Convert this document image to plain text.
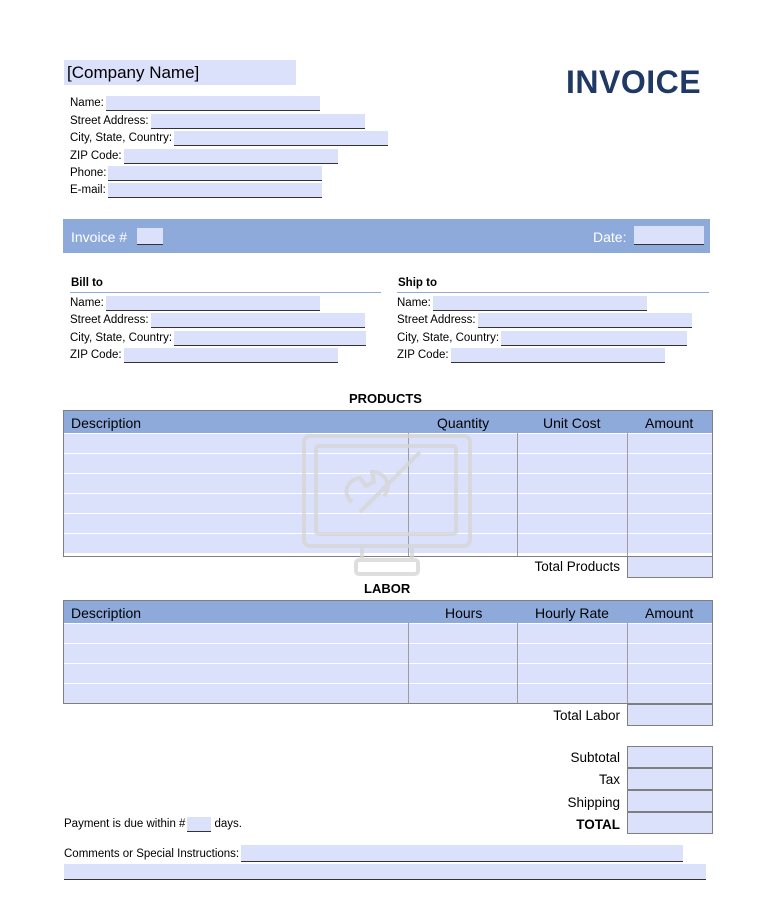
[Company Name]	INVOICE
Name:
Street Address:
City, State, Country:
ZIP Code:
Phone:
E-mail:
Invoice #	Date:
Bill to	Ship to
Name:
Street Address:
City, State, Country:
ZIP Code:
Name:
Street Address:
City, State, Country:
ZIP Code:
PRODUCTS
Description	Quantity	Unit Cost	Amount
Total Products
LABOR
Description	Hours	Hourly Rate	Amount
Total Labor
Subtotal
Tax
Shipping
TOTAL
Payment is due within #	days.
Comments or Special Instructions:
